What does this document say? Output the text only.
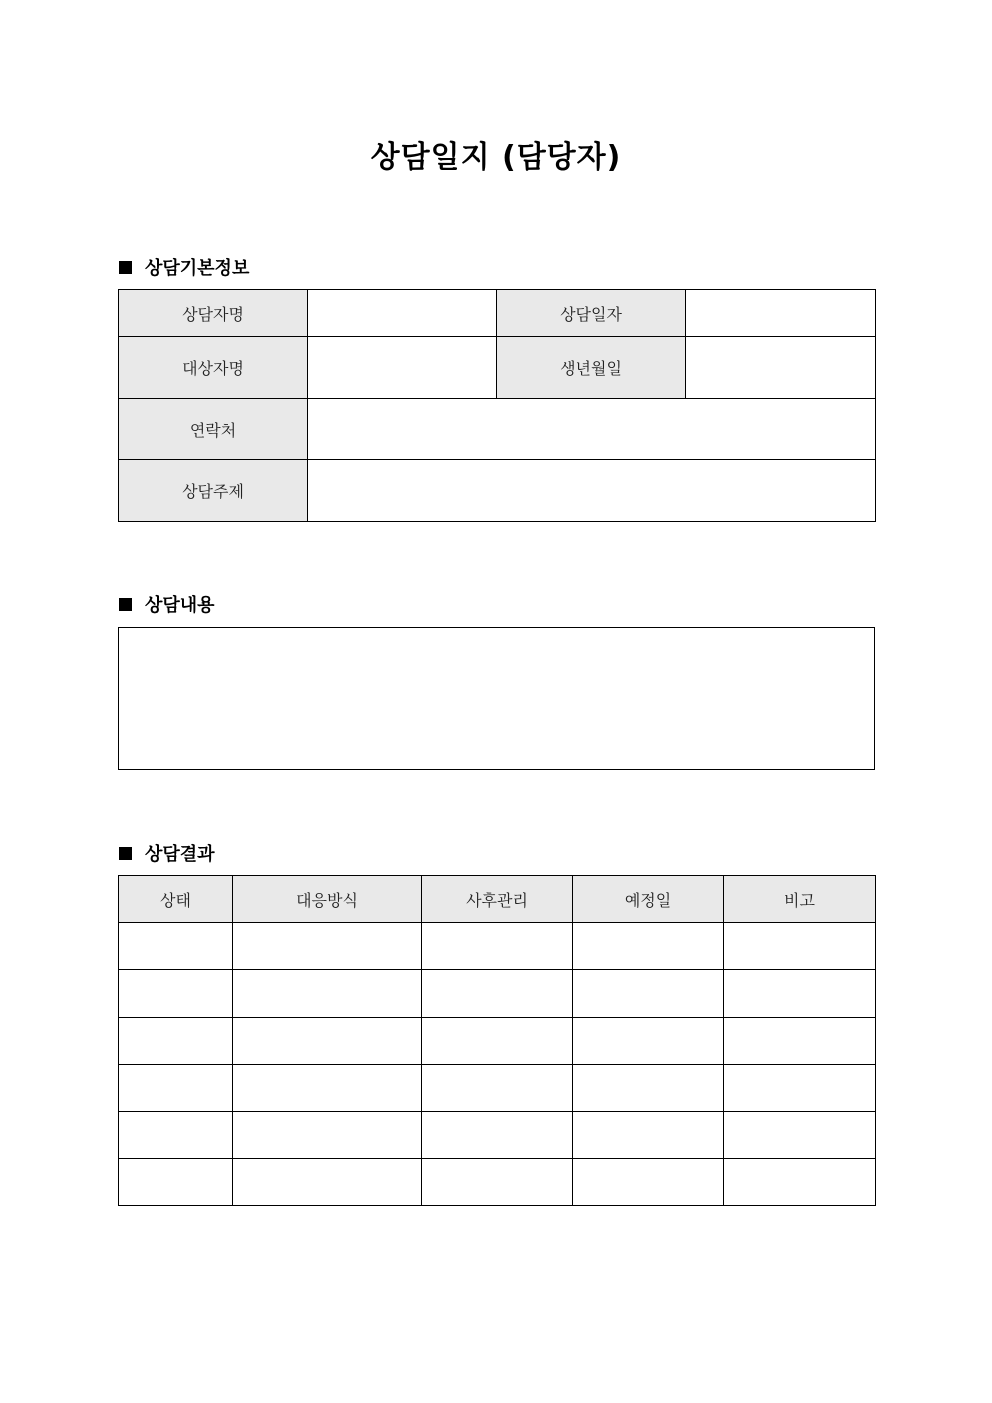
상담일지 (담당자)
상담기본정보
상담자명		상담일자	
대상자명		생년월일	
연락처			
상담주제			
상담내용
상담결과
상태	대응방식	사후관리	예정일	비고
